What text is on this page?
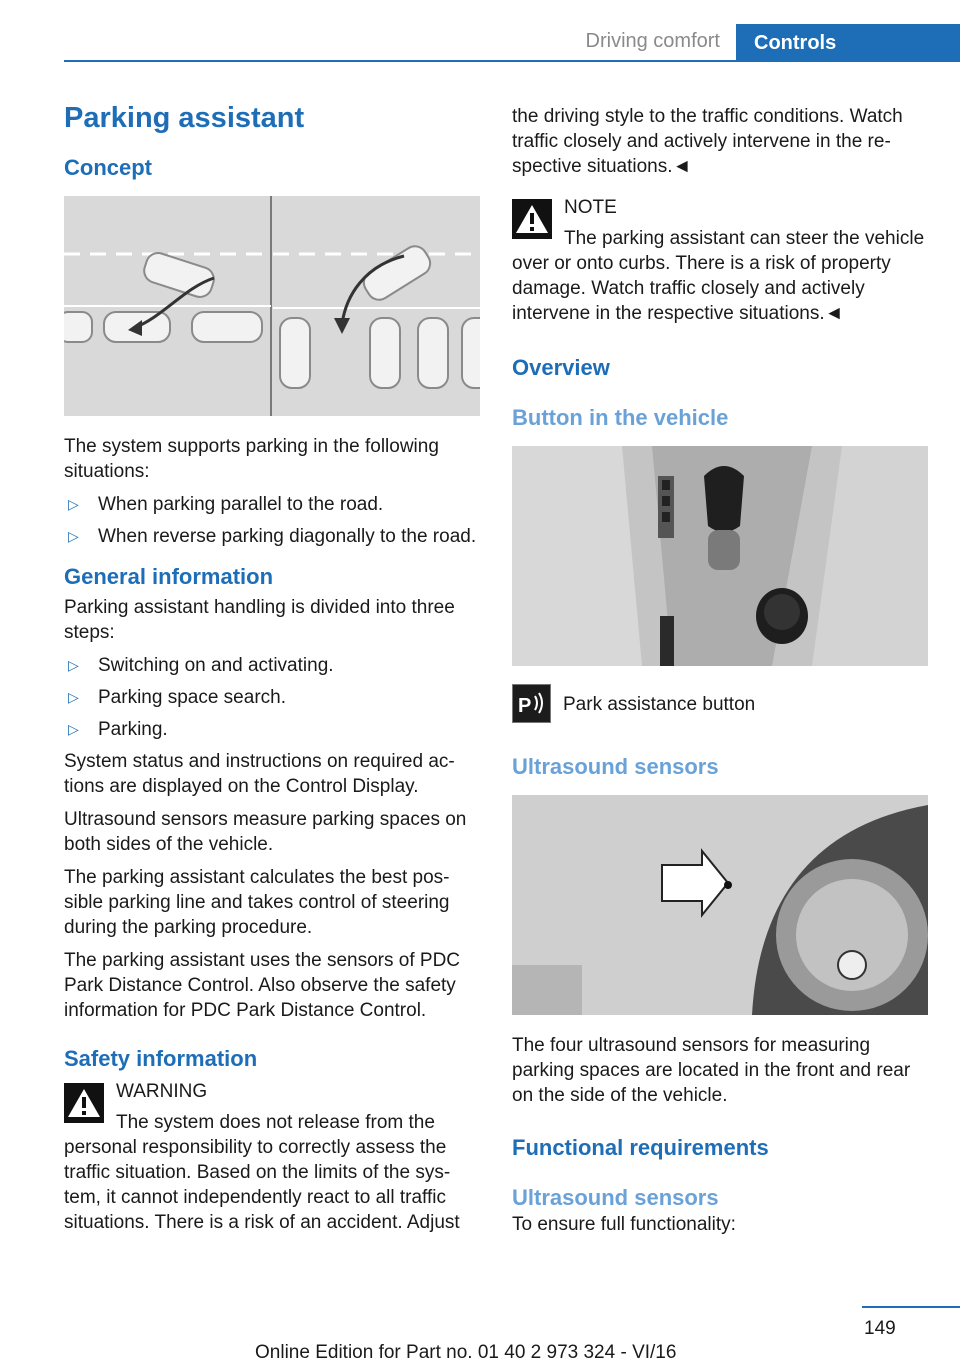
Driving comfort	Controls
Parking assistant
Concept

The system supports parking in the following situations:

▷ When parking parallel to the road.
▷ When reverse parking diagonally to the road.
General information

Parking assistant handling is divided into three steps:

▷ Switching on and activating.
▷ Parking space search.
▷ Parking.

System status and instructions on required actions are displayed on the Control Display.

Ultrasound sensors measure parking spaces on both sides of the vehicle.

The parking assistant calculates the best possible parking line and takes control of steering during the parking procedure.

The parking assistant uses the sensors of PDC Park Distance Control. Also observe the safety information for PDC Park Distance Control.

Safety information
WARNING
The system does not release from the personal responsibility to correctly assess the traffic situation. Based on the limits of the system, it cannot independently react to all traffic situations. There is a risk of an accident. Adjust

the driving style to the traffic conditions. Watch traffic closely and actively intervene in the respective situations.◄

NOTE
The parking assistant can steer the vehicle over or onto curbs. There is a risk of property damage. Watch traffic closely and actively intervene in the respective situations.◄
Overview
Button in the vehicle
P Park assistance button
Ultrasound sensors

The four ultrasound sensors for measuring parking spaces are located in the front and rear on the side of the vehicle.

Functional requirements
Ultrasound sensors

To ensure full functionality:

149
Online Edition for Part no. 01 40 2 973 324 - VI/16
